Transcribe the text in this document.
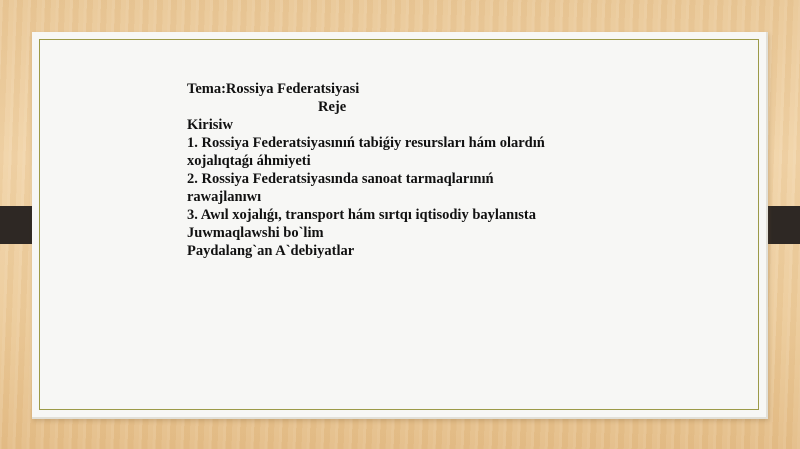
Tema:Rossiya Federatsiyasi
Reje
Kirisiw
1. Rossiya Federatsiyasınıń tabiǵiy resursları hám olardıń
xojalıqtaǵı áhmiyeti
2. Rossiya Federatsiyasında sanoat tarmaqlarınıń
rawajlanıwı
3. Awıl xojalıǵı, transport hám sırtqı iqtisodiy baylanısta
Juwmaqlawshi bo`lim
Paydalang`an A`debiyatlar
